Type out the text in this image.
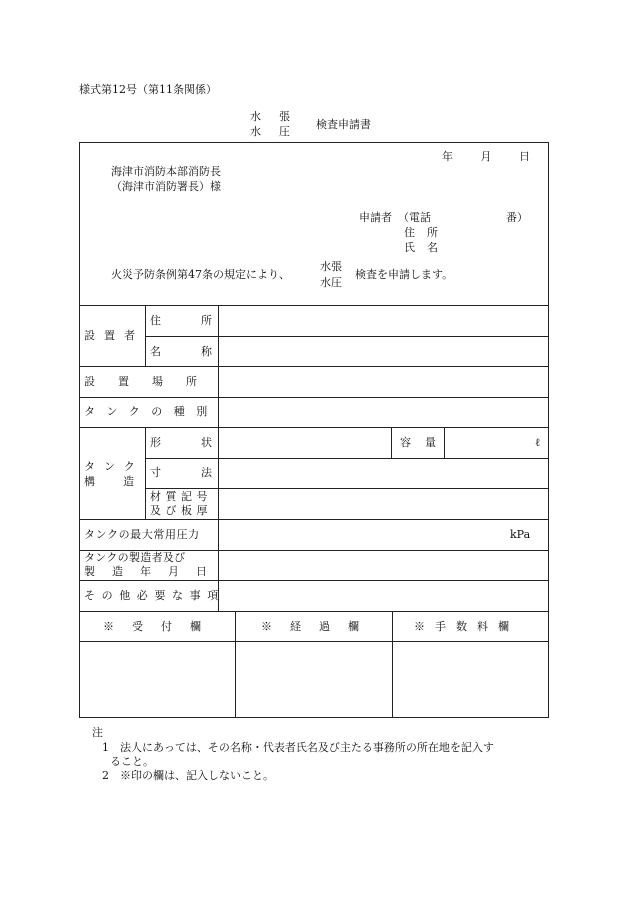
様式第12号（第11条関係）
水 張
水 圧
検査申請書
年	月	日
海津市消防本部消防長
（海津市消防署長）様
申請者 （電話	番）
住 所
氏 名
火災予防条例第47条の規定により、
水張
水圧
検査を申請します。
設置者
住	所
名	称
設置場所
タンクの種別
タンク
構	造
形	状	容 量	ℓ
寸	法
材質記号
及び板厚
タンクの最大常用圧力	kPa
タンクの製造者及び
製造年月日
その他必要な事項
※受付欄	※経過欄	※手数料欄
注
1 法人にあっては、その名称・代表者氏名及び主たる事務所の所在地を記入す
ること。
2 ※印の欄は、記入しないこと。
